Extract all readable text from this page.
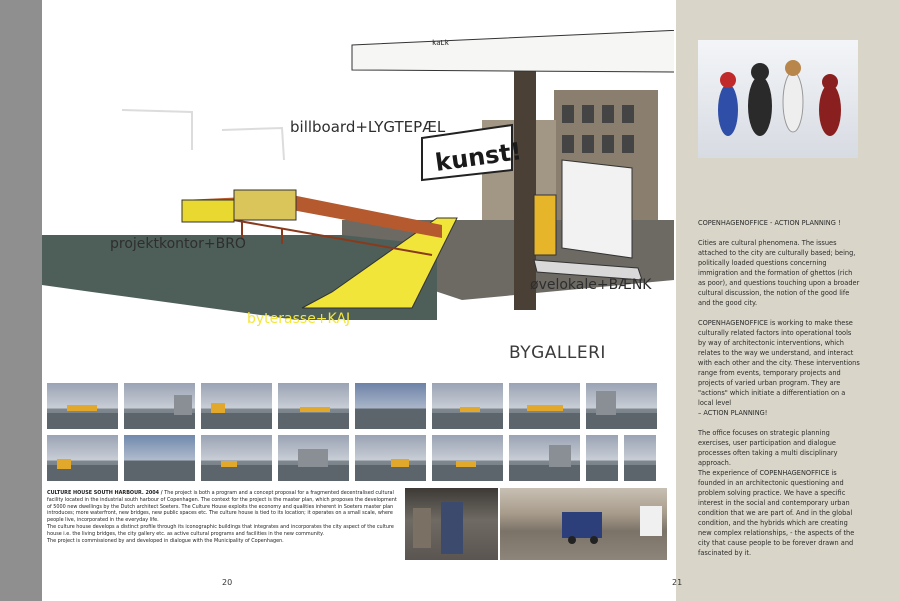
billboard+LYGTEPÆL
projektkontor+BRO
byterasse+KAJ
øvelokale+BÆNK
BYGALLERI
kunst!
kaLk

CULTURE HOUSE SOUTH HARBOUR. 2004 / The project is both a program and a concept proposal for a fragmented decentralised cultural facility located in the industrial south harbour of Copenhagen. The context for the project is the master plan, which proposes the development of 5000 new dwellings by the Dutch architect Soeters. The Culture House exploits the economy and qualities inherent in Soeters master plan introduces; more waterfront, new bridges, new public spaces etc. The culture house is tied to its location; it operates on a small scale, where people live, incorporated in the everyday life.

The culture house develops a distinct profile through its iconographic buildings that integrates and incorporates the city aspect of the culture house i.e. the living bridges, the city gallery etc. as active cultural programs and facilities in the new community.

The project is commissioned by and developed in dialogue with the Municipality of Copenhagen.

20	21

COPENHAGENOFFICE - ACTION PLANNING !

Cities are cultural phenomena. The issues attached to the city are culturally based; being, politically loaded questions concerning immigration and the formation of ghettos (rich as poor), and questions touching upon a broader cultural discussion, the notion of the good life and the good city.

COPENHAGENOFFICE is working to make these culturally related factors into operational tools by way of architectonic interventions, which relates to the way we understand, and interact with each other and the city. These interventions range from events, temporary projects and projects of varied urban program. They are "actions" which initiate a differentiation on a local level

– ACTION PLANNING!

The office focuses on strategic planning exercises, user participation and dialogue processes often taking a multi disciplinary approach.

The experience of COPENHAGENOFFICE is founded in an architectonic questioning and problem solving practice. We have a specific interest in the social and contemporary urban condition that we are part of. And in the global condition, and the hybrids which are creating new complex relationships, - the aspects of the city that cause people to be forever drawn and fascinated by it.
